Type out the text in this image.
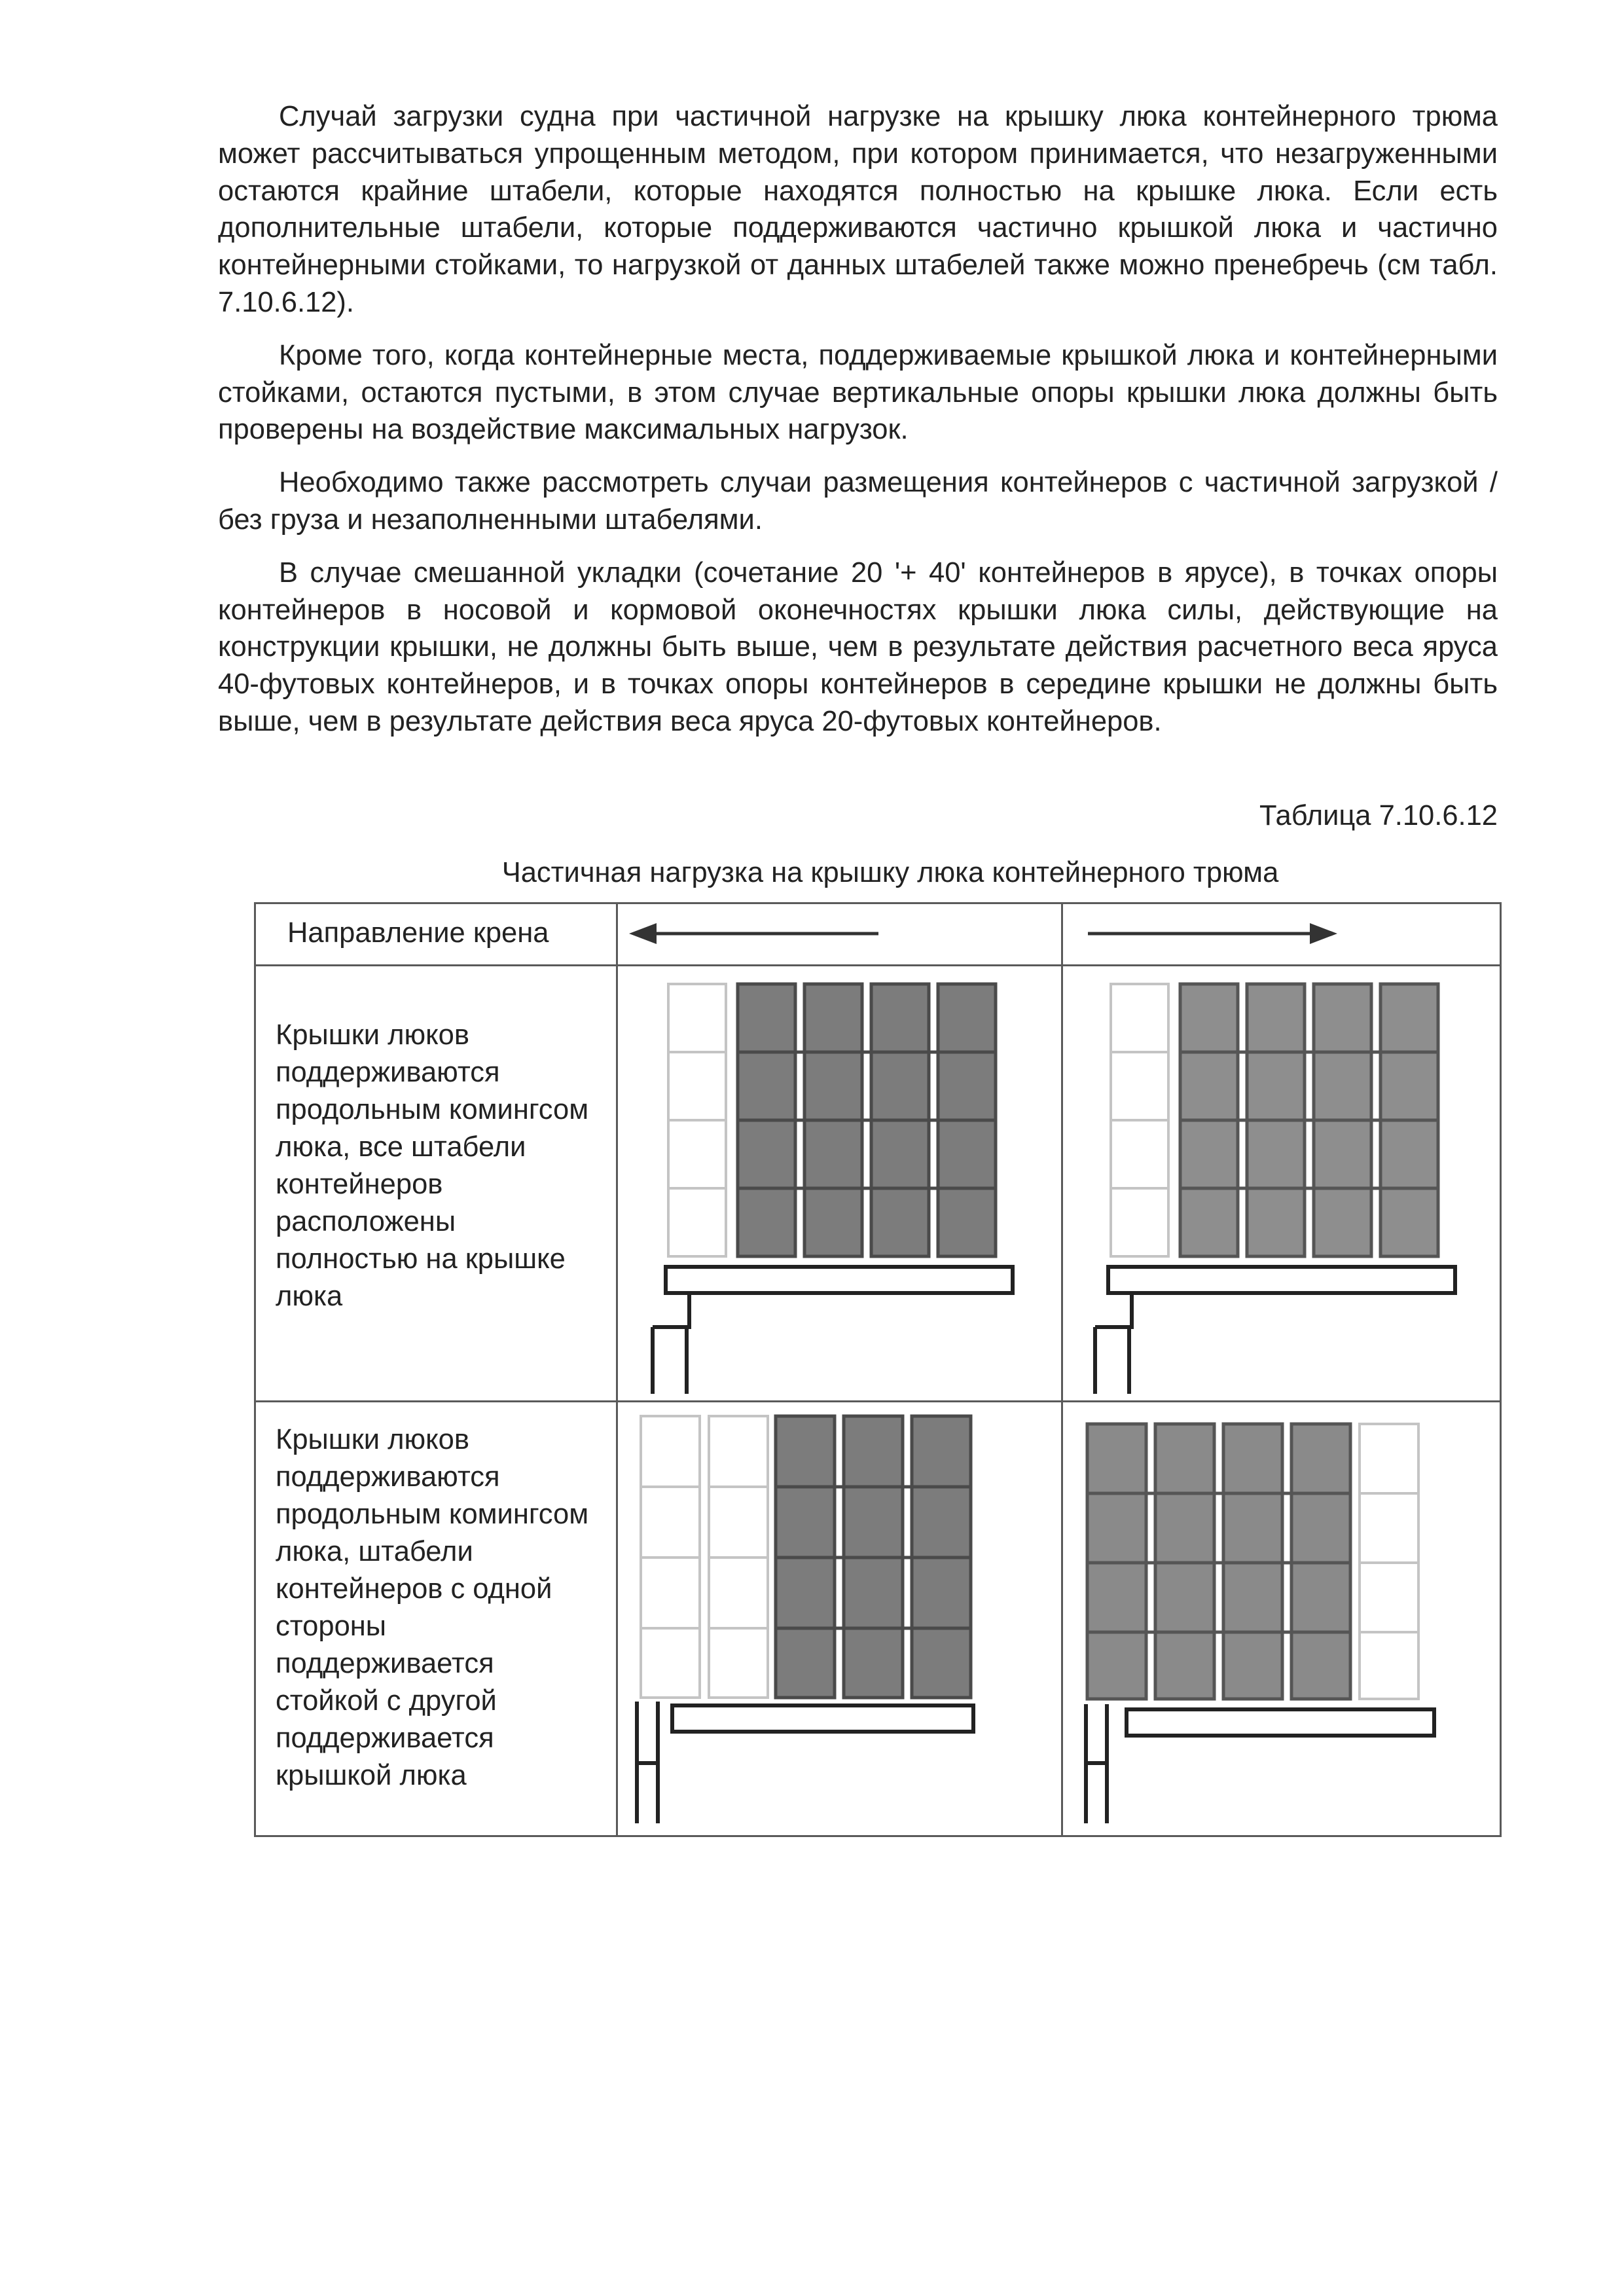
Случай загрузки судна при частичной нагрузке на крышку люка контейнерного трюма может рассчитываться упрощенным методом, при котором принимается, что незагруженными остаются крайние штабели, которые находятся полностью на крышке люка. Если есть дополнительные штабели, которые поддерживаются частично крышкой люка и частично контейнерными стойками, то нагрузкой от данных штабелей также можно пренебречь (см табл. 7.10.6.12).

Кроме того, когда контейнерные места, поддерживаемые крышкой люка и контейнерными стойками, остаются пустыми, в этом случае вертикальные опоры крышки люка должны быть проверены на воздействие максимальных нагрузок.

Необходимо также рассмотреть случаи размещения контейнеров с частичной загрузкой / без груза и незаполненными штабелями.

В случае смешанной укладки (сочетание 20 '+ 40' контейнеров в ярусе), в точках опоры контейнеров в носовой и кормовой оконечностях крышки люка силы, действующие на конструкции крышки, не должны быть выше, чем в результате действия расчетного веса яруса 40-футовых контейнеров, и в точках опоры контейнеров в середине крышки не должны быть выше, чем в результате действия веса яруса 20-футовых контейнеров.

Таблица 7.10.6.12
Частичная нагрузка на крышку люка контейнерного трюма
Направление крена
Крышки люков поддерживаются продольным комингсом люка, все штабели контейнеров расположены полностью на крышке люка
Крышки люков поддерживаются продольным комингсом люка, штабели контейнеров с одной стороны поддерживается стойкой с другой поддерживается крышкой люка
